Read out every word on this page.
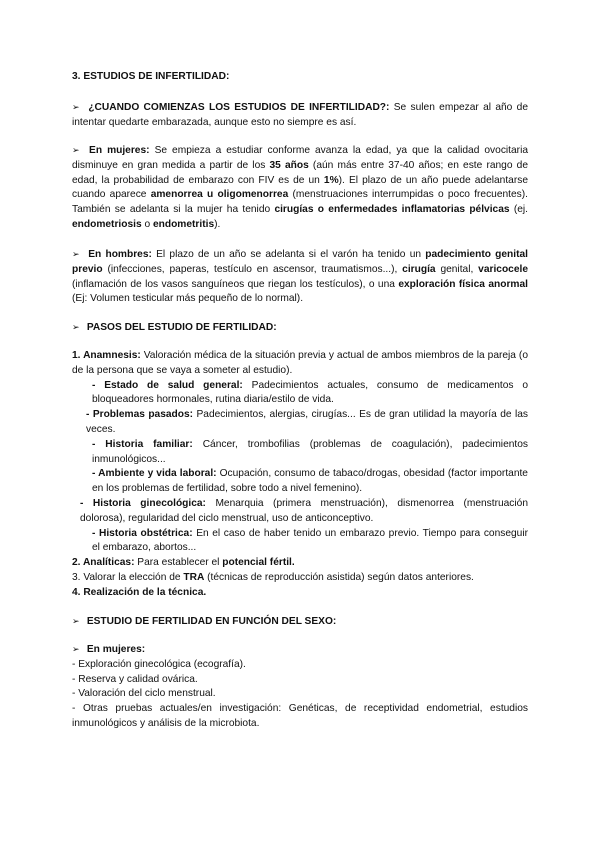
3. ESTUDIOS DE INFERTILIDAD:

➢ ¿CUANDO COMIENZAS LOS ESTUDIOS DE INFERTILIDAD?: Se sulen empezar al año de intentar quedarte embarazada, aunque esto no siempre es así.

➢ En mujeres: Se empieza a estudiar conforme avanza la edad, ya que la calidad ovocitaria disminuye en gran medida a partir de los 35 años (aún más entre 37-40 años; en este rango de edad, la probabilidad de embarazo con FIV es de un 1%). El plazo de un año puede adelantarse cuando aparece amenorrea u oligomenorrea (menstruaciones interrumpidas o poco frecuentes). También se adelanta si la mujer ha tenido cirugías o enfermedades inflamatorias pélvicas (ej. endometriosis o endometritis).

➢ En hombres: El plazo de un año se adelanta si el varón ha tenido un padecimiento genital previo (infecciones, paperas, testículo en ascensor, traumatismos...), cirugía genital, varicocele (inflamación de los vasos sanguíneos que riegan los testículos), o una exploración física anormal (Ej: Volumen testicular más pequeño de lo normal).

➢ PASOS DEL ESTUDIO DE FERTILIDAD:

1. Anamnesis: Valoración médica de la situación previa y actual de ambos miembros de la pareja (o de la persona que se vaya a someter al estudio).

- Estado de salud general: Padecimientos actuales, consumo de medicamentos o bloqueadores hormonales, rutina diaria/estilo de vida.

- Problemas pasados: Padecimientos, alergias, cirugías... Es de gran utilidad la mayoría de las veces.

- Historia familiar: Cáncer, trombofilias (problemas de coagulación), padecimientos inmunológicos...

- Ambiente y vida laboral: Ocupación, consumo de tabaco/drogas, obesidad (factor importante en los problemas de fertilidad, sobre todo a nivel femenino).

- Historia ginecológica: Menarquia (primera menstruación), dismenorrea (menstruación dolorosa), regularidad del ciclo menstrual, uso de anticonceptivo.

- Historia obstétrica: En el caso de haber tenido un embarazo previo. Tiempo para conseguir el embarazo, abortos...

2. Analíticas: Para establecer el potencial fértil.

3. Valorar la elección de TRA (técnicas de reproducción asistida) según datos anteriores.

4. Realización de la técnica.

➢ ESTUDIO DE FERTILIDAD EN FUNCIÓN DEL SEXO:

➢ En mujeres:

- Exploración ginecológica (ecografía).

- Reserva y calidad ovárica.

- Valoración del ciclo menstrual.

- Otras pruebas actuales/en investigación: Genéticas, de receptividad endometrial, estudios inmunológicos y análisis de la microbiota.
